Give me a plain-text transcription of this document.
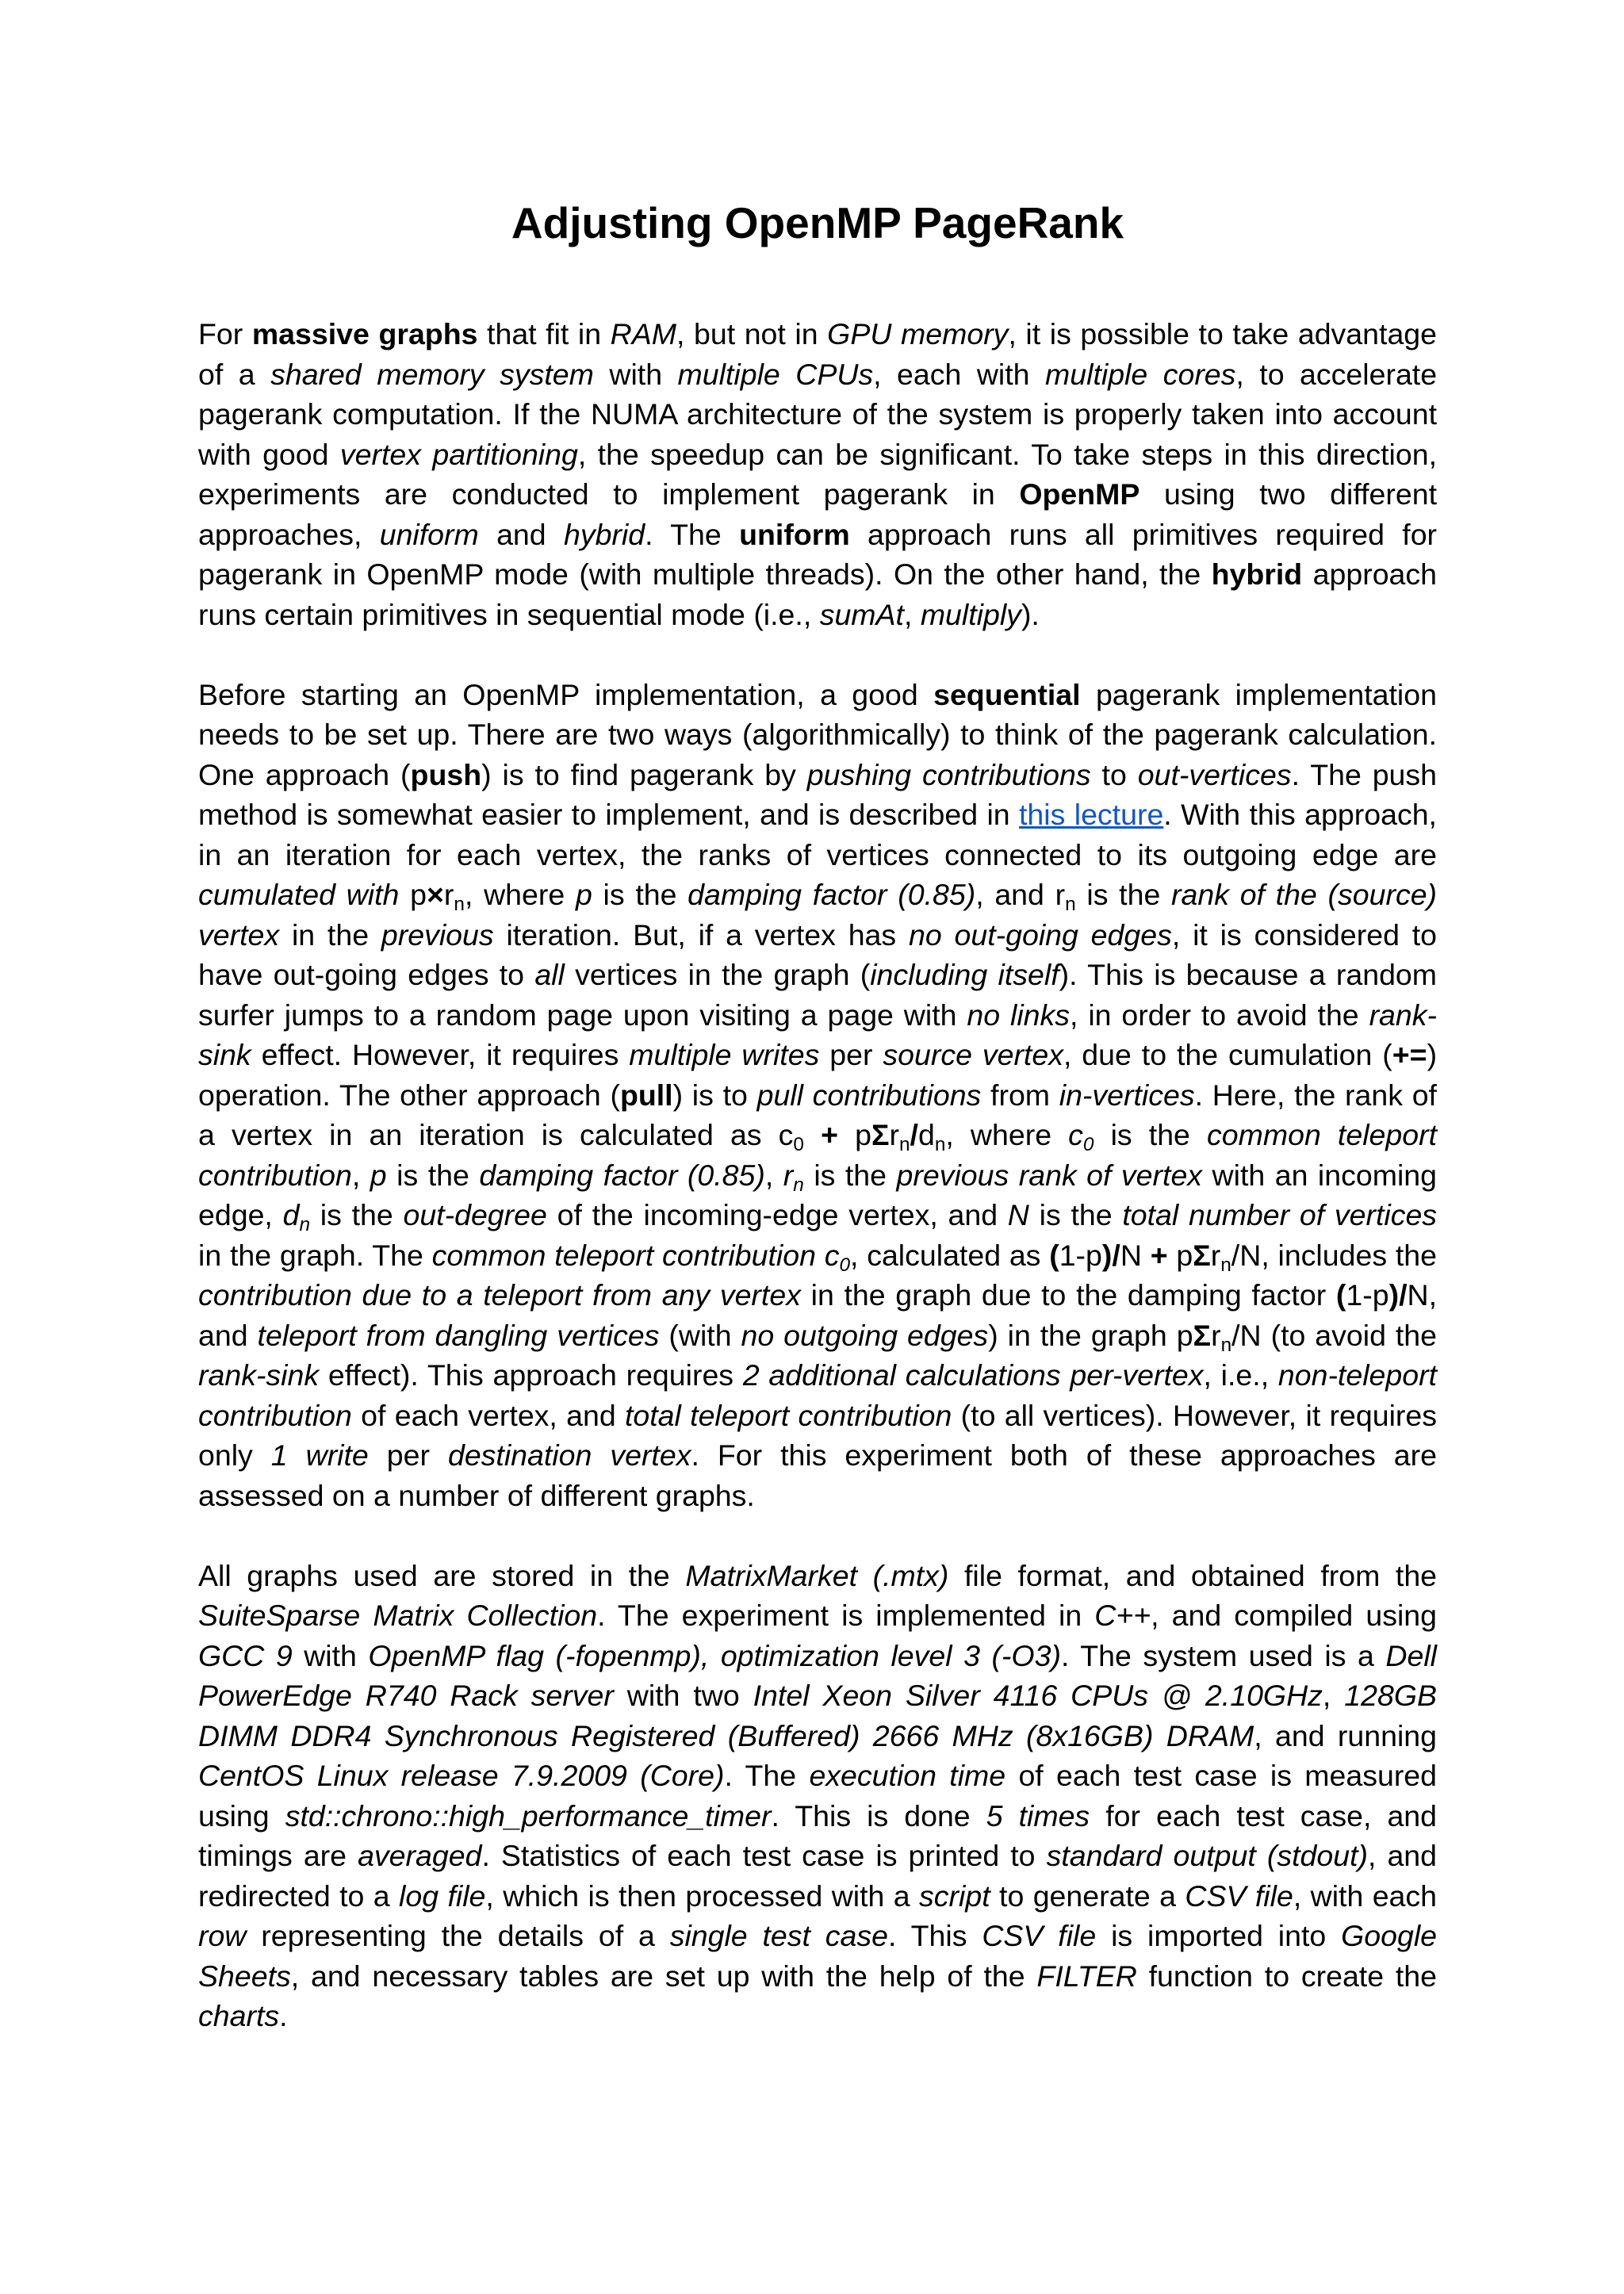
Adjusting OpenMP PageRank

For massive graphs that fit in RAM, but not in GPU memory, it is possible to take advantage of a shared memory system with multiple CPUs, each with multiple cores, to accelerate pagerank computation. If the NUMA architecture of the system is properly taken into account with good vertex partitioning, the speedup can be significant. To take steps in this direction, experiments are conducted to implement pagerank in OpenMP using two different approaches, uniform and hybrid. The uniform approach runs all primitives required for pagerank in OpenMP mode (with multiple threads). On the other hand, the hybrid approach runs certain primitives in sequential mode (i.e., sumAt, multiply).

Before starting an OpenMP implementation, a good sequential pagerank implementation needs to be set up. There are two ways (algorithmically) to think of the pagerank calculation. One approach (push) is to find pagerank by pushing contributions to out-vertices. The push method is somewhat easier to implement, and is described in this lecture. With this approach, in an iteration for each vertex, the ranks of vertices connected to its outgoing edge are cumulated with $p\times r_n$, where p is the damping factor (0.85), and $r_n$ is the rank of the (source) vertex in the previous iteration. But, if a vertex has no out-going edges, it is considered to have out-going edges to all vertices in the graph (including itself). This is because a random surfer jumps to a random page upon visiting a page with no links, in order to avoid the rank-sink effect. However, it requires multiple writes per source vertex, due to the cumulation (+=) operation. The other approach (pull) is to pull contributions from in-vertices. Here, the rank of a vertex in an iteration is calculated as $c_0 + p\Sigma r_n/d_n$, where $c_0$ is the common teleport contribution, p is the damping factor (0.85), $r_n$ is the previous rank of vertex with an incoming edge, $d_n$ is the out-degree of the incoming-edge vertex, and N is the total number of vertices in the graph. The common teleport contribution $c_0$, calculated as (1-p)/N + pΣr$_n$/N, includes the contribution due to a teleport from any vertex in the graph due to the damping factor (1-p)/N, and teleport from dangling vertices (with no outgoing edges) in the graph pΣr$_n$/N (to avoid the rank-sink effect). This approach requires 2 additional calculations per-vertex, i.e., non-teleport contribution of each vertex, and total teleport contribution (to all vertices). However, it requires only 1 write per destination vertex. For this experiment both of these approaches are assessed on a number of different graphs.

All graphs used are stored in the MatrixMarket (.mtx) file format, and obtained from the SuiteSparse Matrix Collection. The experiment is implemented in C++, and compiled using GCC 9 with OpenMP flag (-fopenmp), optimization level 3 (-O3). The system used is a Dell PowerEdge R740 Rack server with two Intel Xeon Silver 4116 CPUs @ 2.10GHz, 128GB DIMM DDR4 Synchronous Registered (Buffered) 2666 MHz (8x16GB) DRAM, and running CentOS Linux release 7.9.2009 (Core). The execution time of each test case is measured using std::chrono::high_performance_timer. This is done 5 times for each test case, and timings are averaged. Statistics of each test case is printed to standard output (stdout), and redirected to a log file, which is then processed with a script to generate a CSV file, with each row representing the details of a single test case. This CSV file is imported into Google Sheets, and necessary tables are set up with the help of the FILTER function to create the charts.
